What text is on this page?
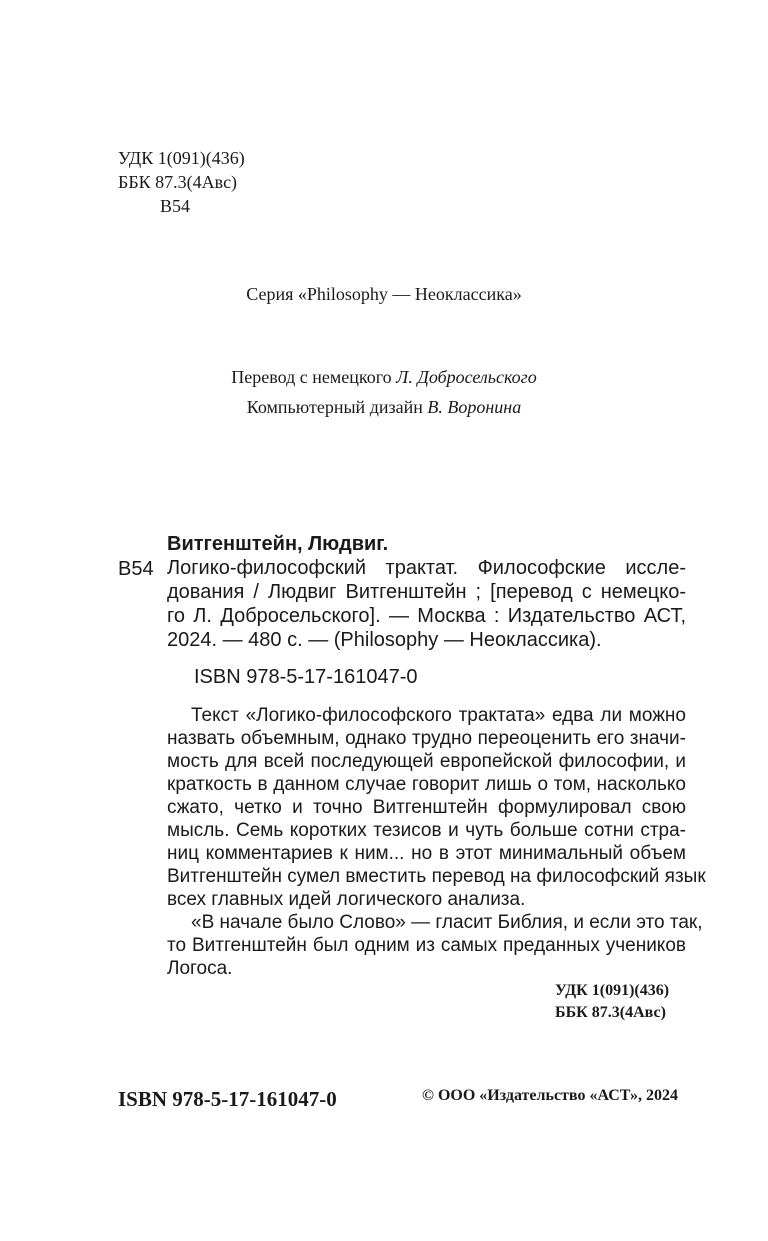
УДК 1(091)(436)
ББК 87.3(4Авс)
В54
Серия «Philosophy — Неоклассика»
Перевод с немецкого Л. Добросельского
Компьютерный дизайн В. Воронина
Витгенштейн, Людвиг.
В54 Логико-философский трактат. Философские иссле-
дования / Людвиг Витгенштейн ; [перевод с немецко-
го Л. Добросельского]. — Москва : Издательство АСТ,
2024. — 480 с. — (Philosophy — Неоклассика).
ISBN 978-5-17-161047-0

Текст «Логико-философского трактата» едва ли можно
назвать объемным, однако трудно переоценить его значи-
мость для всей последующей европейской философии, и
краткость в данном случае говорит лишь о том, насколько
сжато, четко и точно Витгенштейн формулировал свою
мысль. Семь коротких тезисов и чуть больше сотни стра-
ниц комментариев к ним... но в этот минимальный объем
Витгенштейн сумел вместить перевод на философский язык
всех главных идей логического анализа.

«В начале было Слово» — гласит Библия, и если это так,
то Витгенштейн был одним из самых преданных учеников
Логоса.

УДК 1(091)(436)
ББК 87.3(4Авс)
ISBN 978-5-17-161047-0	© ООО «Издательство «АСТ», 2024
